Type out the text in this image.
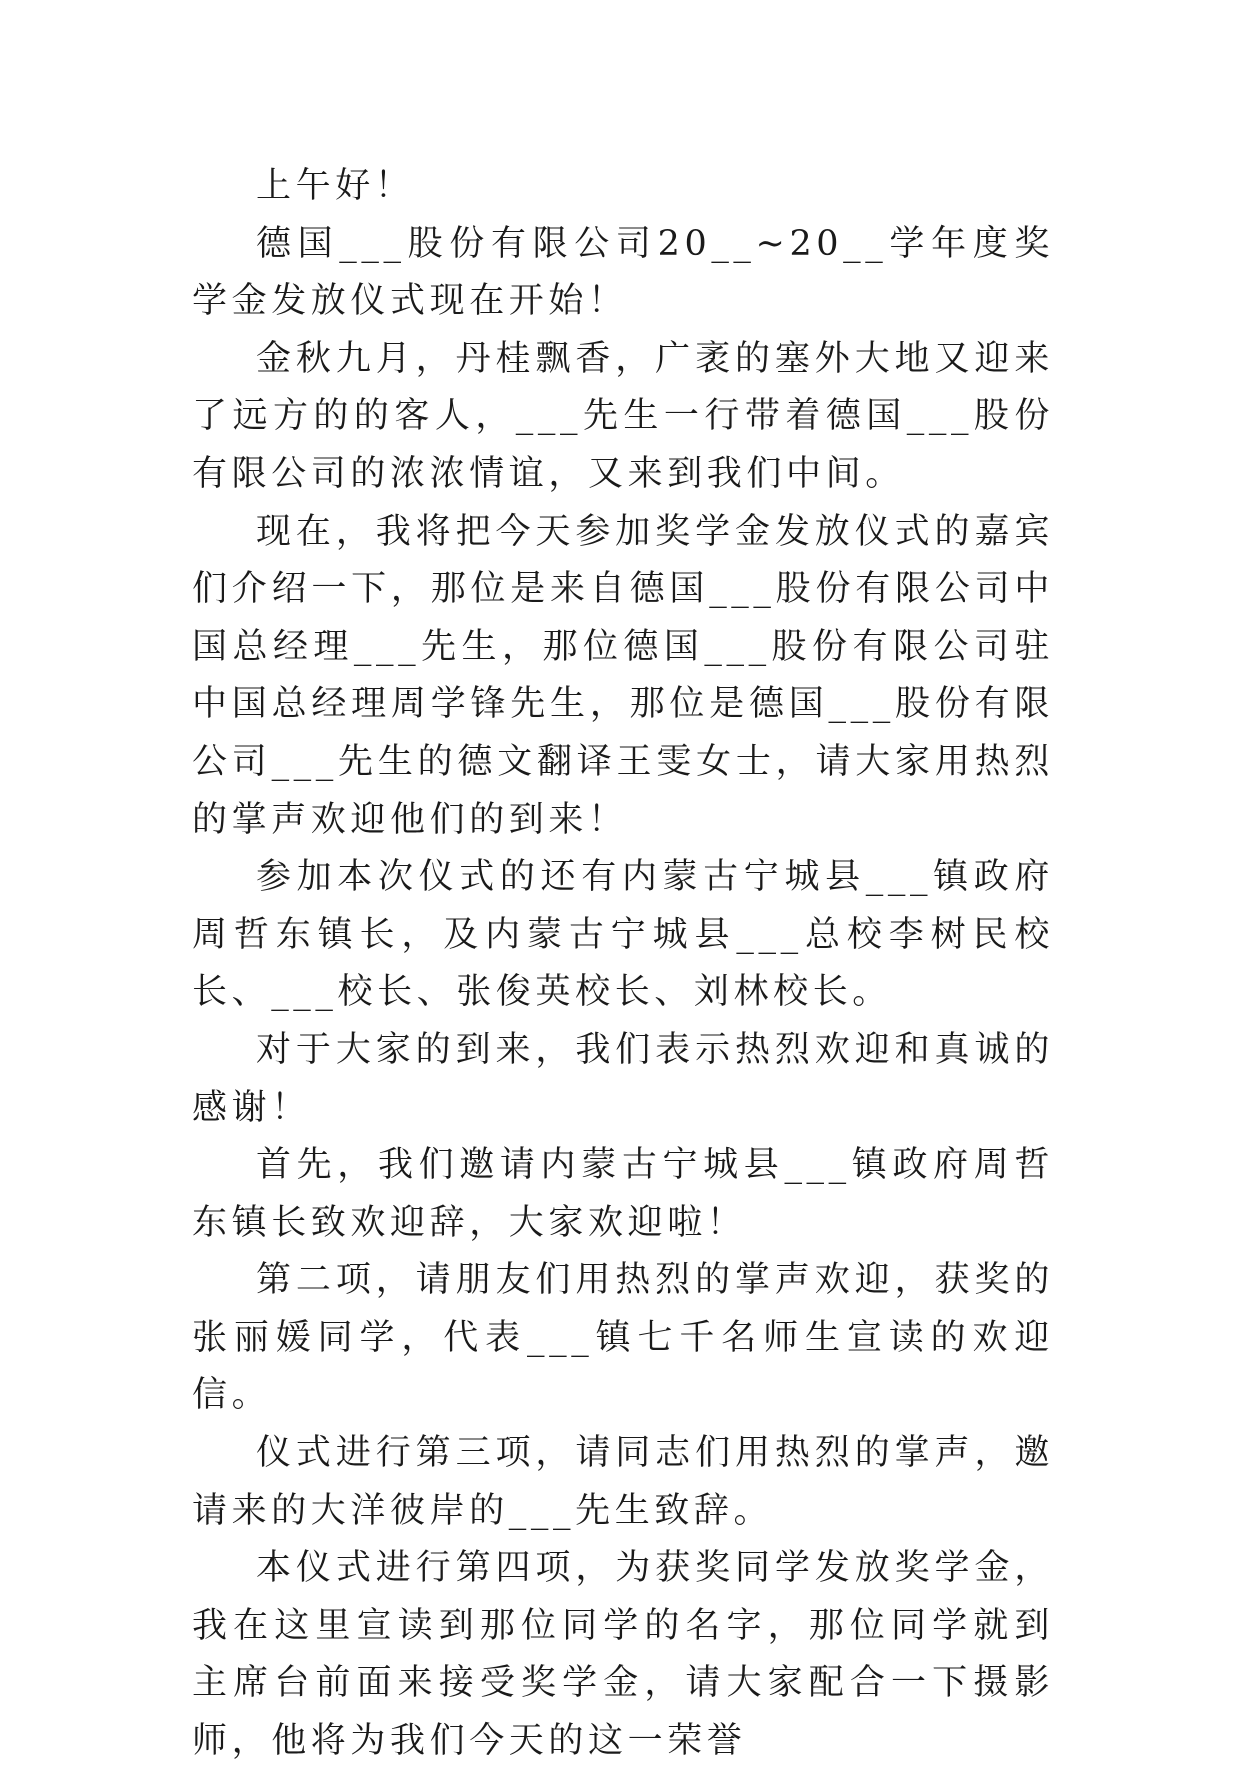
上午好！

德国___股份有限公司20__~20__学年度奖学金发放仪式现在开始！

金秋九月，丹桂飘香，广袤的塞外大地又迎来了远方的的客人，___先生一行带着德国___股份有限公司的浓浓情谊，又来到我们中间。

现在，我将把今天参加奖学金发放仪式的嘉宾们介绍一下，那位是来自德国___股份有限公司中国总经理___先生，那位德国___股份有限公司驻中国总经理周学锋先生，那位是德国___股份有限公司___先生的德文翻译王雯女士，请大家用热烈的掌声欢迎他们的到来！

参加本次仪式的还有内蒙古宁城县___镇政府周哲东镇长，及内蒙古宁城县___总校李树民校长、___校长、张俊英校长、刘林校长。

对于大家的到来，我们表示热烈欢迎和真诚的感谢！

首先，我们邀请内蒙古宁城县___镇政府周哲东镇长致欢迎辞，大家欢迎啦！

第二项，请朋友们用热烈的掌声欢迎，获奖的张丽媛同学，代表___镇七千名师生宣读的欢迎信。

仪式进行第三项，请同志们用热烈的掌声，邀请来的大洋彼岸的___先生致辞。

本仪式进行第四项，为获奖同学发放奖学金，我在这里宣读到那位同学的名字，那位同学就到主席台前面来接受奖学金，请大家配合一下摄影师，他将为我们今天的这一荣誉
